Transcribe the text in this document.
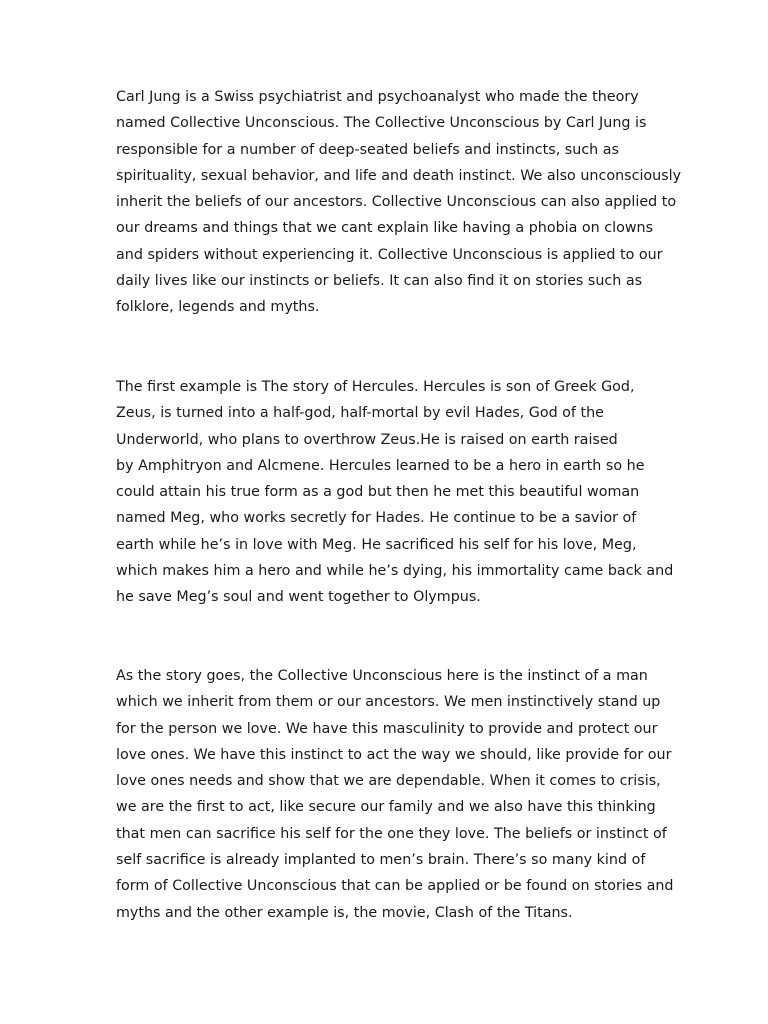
Carl Jung is a Swiss psychiatrist and psychoanalyst who made the theory
named Collective Unconscious. The Collective Unconscious by Carl Jung is
responsible for a number of deep-seated beliefs and instincts, such as
spirituality, sexual behavior, and life and death instinct. We also unconsciously
inherit the beliefs of our ancestors. Collective Unconscious can also applied to
our dreams and things that we cant explain like having a phobia on clowns
and spiders without experiencing it. Collective Unconscious is applied to our
daily lives like our instincts or beliefs. It can also find it on stories such as
folklore, legends and myths.

The first example is The story of Hercules. Hercules is son of Greek God,
Zeus, is turned into a half-god, half-mortal by evil Hades, God of the
Underworld, who plans to overthrow Zeus.He is raised on earth raised
by Amphitryon and Alcmene. Hercules learned to be a hero in earth so he
could attain his true form as a god but then he met this beautiful woman
named Meg, who works secretly for Hades. He continue to be a savior of
earth while he’s in love with Meg. He sacrificed his self for his love, Meg,
which makes him a hero and while he’s dying, his immortality came back and
he save Meg’s soul and went together to Olympus.

As the story goes, the Collective Unconscious here is the instinct of a man
which we inherit from them or our ancestors. We men instinctively stand up
for the person we love. We have this masculinity to provide and protect our
love ones. We have this instinct to act the way we should, like provide for our
love ones needs and show that we are dependable. When it comes to crisis,
we are the first to act, like secure our family and we also have this thinking
that men can sacrifice his self for the one they love. The beliefs or instinct of
self sacrifice is already implanted to men’s brain. There’s so many kind of
form of Collective Unconscious that can be applied or be found on stories and
myths and the other example is, the movie, Clash of the Titans.
